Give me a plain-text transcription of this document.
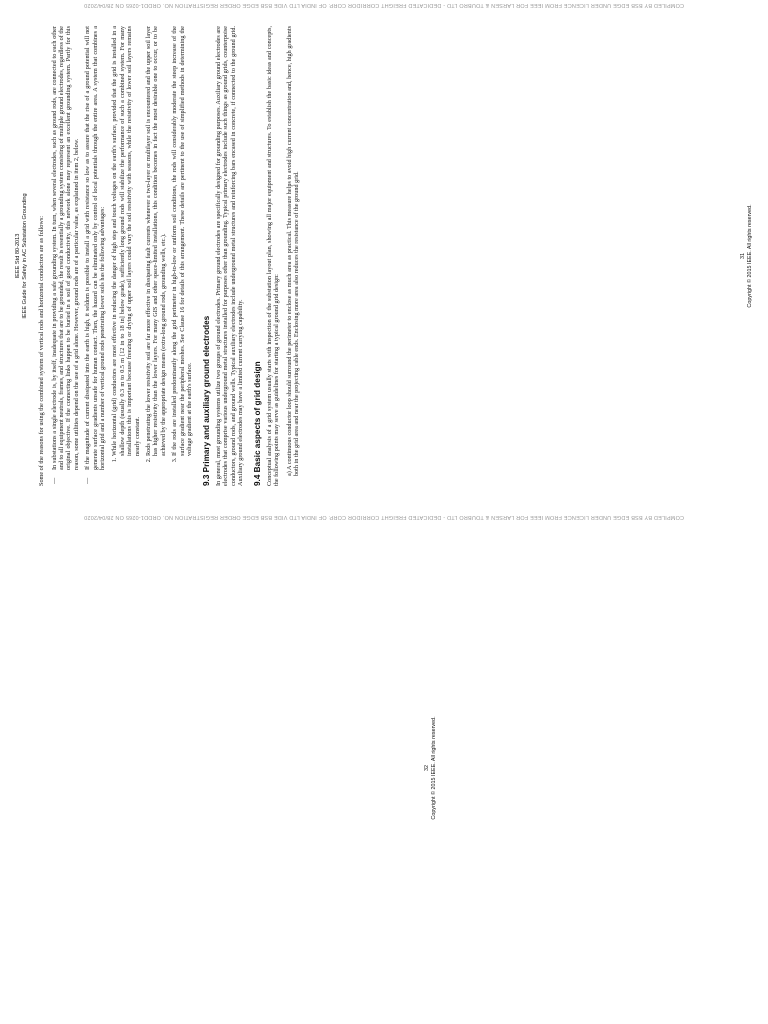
COMPILED BY BSB EDGE UNDER LICENCE FROM IEEE FOR LARSEN & TOUBRO LTD - DEDICATED FREIGHT CORRIDOR CORP. OF INDIA LTD VIDE BSB EDGE ORDER REGISTRATION NO. ORDD1-0265 ON 28/04/2020
IEEE Std 80-2013 IEEE Guide for Safety in AC Substation Grounding Some of the reasons for using the combined system of vertical rods and horizontal conductors are as follows: — In substations a single electrode is, by itself, inadequate in providing a safe grounding system. In turn, when several electrodes, such as ground rods, are connected to each other and to all equipment neutrals, frames, and structures that are to be grounded, the result is essentially a grounding system consisting of multiple ground electrodes, regardless of the original objective. If the connecting links happen to be buried in a soil of good conductivity, this network alone may represent an excellent grounding system. Partly for this reason, some utilities depend on the use of a grid alone. However, ground rods are of a particular value, as explained in item 2, below. — If the magnitude of current dissipated into the earth is high, it seldom is possible to install a grid with resistance so low as to assure that the rise of a ground potential will not generate surface gradients unsafe for human contact. Then, the hazard can be eliminated only by control of local potentials through the entire area. A system that combines a horizontal grid and a number of vertical ground rods penetrating lower soils has the following advantages: 1. While horizontal (grid) conductors are most effective in reducing the danger of high step and touch voltages on the earth's surface, provided that the grid is installed in a shallow depth (usually 0.3 m to 0.5 m [12 in to 18 in] below grade), sufficiently long ground rods will stabilize the performance of such a combined system. For many installations this is important because freezing or drying of upper soil layers could vary the soil resistivity with seasons, while the resistivity of lower soil layers remains nearly constant. 2. Rods penetrating the lower resistivity soil are far more effective in dissipating fault currents whenever a two-layer or multilayer soil is encountered and the upper soil layer has higher resistivity than the lower layers. For many GIS and other space-limited installations, this condition becomes in fact the most desirable one to occur, or to be achieved by the appropriate design means (extra-long ground rods, grounding wells, etc.). 3. If the rods are installed predominantly along the grid perimeter in high-to-low or uniform soil conditions, the rods will considerably moderate the steep increase of the surface gradient near the peripheral meshes. See Clause 16 for details of this arrangement. These details are pertinent to the use of simplified methods in determining the voltage gradient at the earth's surface. 9.3 Primary and auxiliary ground electrodes In general, most grounding systems utilize two groups of ground electrodes. Primary ground electrodes are specifically designed for grounding purposes. Auxiliary ground electrodes are electrodes that comprise various underground metal structures installed for purposes other than grounding. Typical primary electrodes include such things as ground grids, counterpoise conductors, ground rods, and ground wells. Typical auxiliary electrodes include underground metal structures and reinforcing bars encased in concrete, if connected to the ground grid. Auxiliary ground electrodes may have a limited current carrying capability. 9.4 Basic aspects of grid design Conceptual analysis of a grid system usually starts with inspection of the substation layout plan, showing all major equipment and structures. To establish the basic ideas and concepts, the following points may serve as guidelines for starting a typical ground grid design: a) A continuous conductor loop should surround the perimeter to enclose as much area as practical. This measure helps to avoid high current concentration and, hence, high gradients both in the grid area and near the projecting cable ends. Enclosing more area also reduces the resistance of the ground grid.	31 Copyright © 2015 IEEE. All rights reserved.
COMPILED BY BSB EDGE UNDER LICENCE FROM IEEE FOR LARSEN & TOUBRO LTD - DEDICATED FREIGHT CORRIDOR CORP. OF INDIA LTD VIDE BSB EDGE ORDER REGISTRATION NO. ORDD1-0265 ON 28/04/2020

32 Copyright © 2015 IEEE. All rights reserved.
